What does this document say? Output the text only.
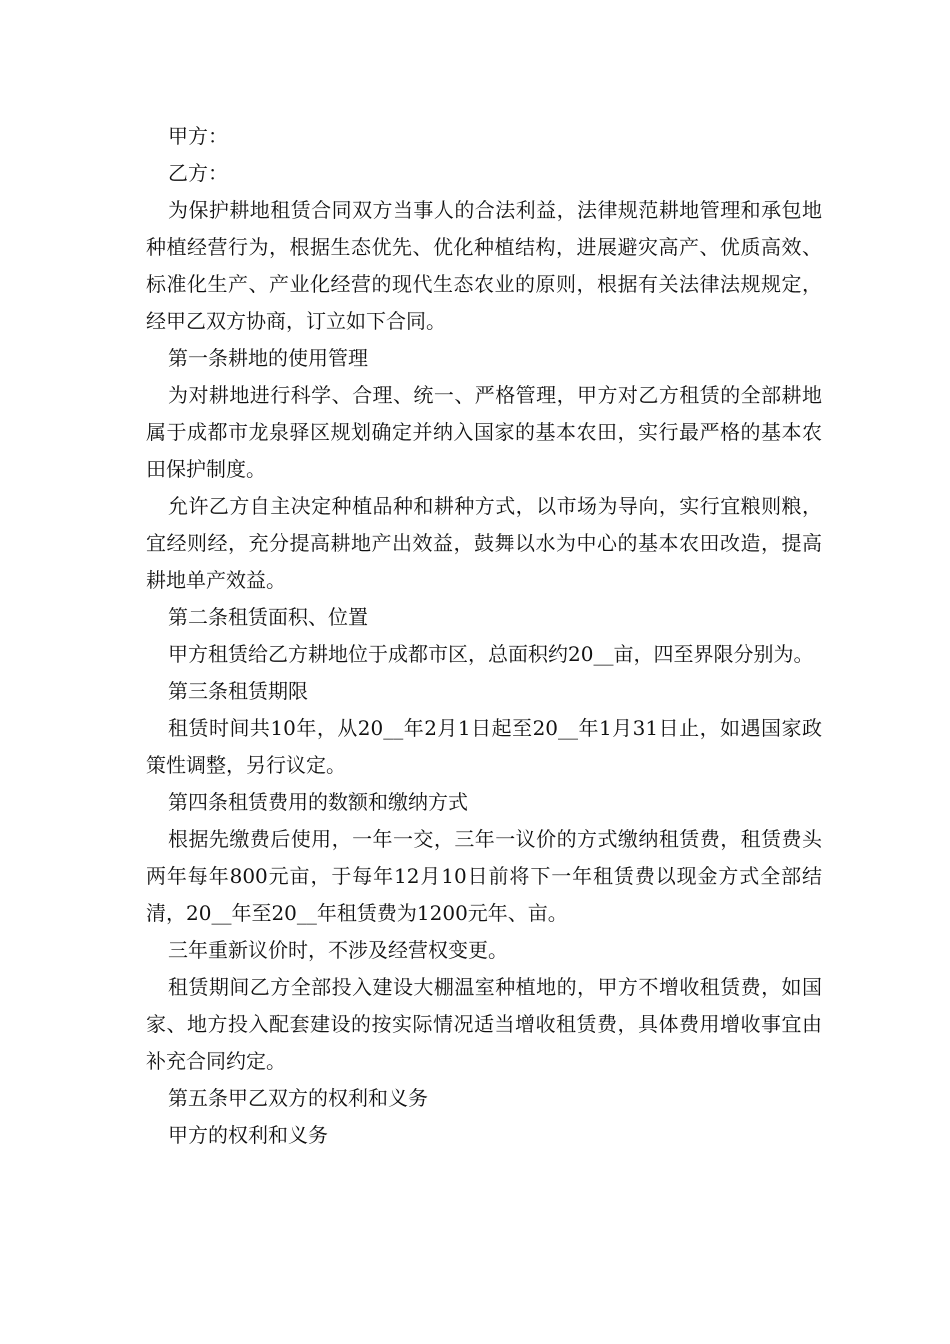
甲方：

乙方：

为保护耕地租赁合同双方当事人的合法利益，法律规范耕地管理和承包地种植经营行为，根据生态优先、优化种植结构，进展避灾高产、优质高效、标准化生产、产业化经营的现代生态农业的原则，根据有关法律法规规定，经甲乙双方协商，订立如下合同。

第一条耕地的使用管理

为对耕地进行科学、合理、统一、严格管理，甲方对乙方租赁的全部耕地属于成都市龙泉驿区规划确定并纳入国家的基本农田，实行最严格的基本农田保护制度。

允许乙方自主决定种植品种和耕种方式，以市场为导向，实行宜粮则粮，宜经则经，充分提高耕地产出效益，鼓舞以水为中心的基本农田改造，提高耕地单产效益。

第二条租赁面积、位置

甲方租赁给乙方耕地位于成都市区，总面积约20__亩，四至界限分别为。

第三条租赁期限

租赁时间共10年，从20__年2月1日起至20__年1月31日止，如遇国家政策性调整，另行议定。

第四条租赁费用的数额和缴纳方式

根据先缴费后使用，一年一交，三年一议价的方式缴纳租赁费，租赁费头两年每年800元亩，于每年12月10日前将下一年租赁费以现金方式全部结清，20__年至20__年租赁费为1200元年、亩。

三年重新议价时，不涉及经营权变更。

租赁期间乙方全部投入建设大棚温室种植地的，甲方不增收租赁费，如国家、地方投入配套建设的按实际情况适当增收租赁费，具体费用增收事宜由补充合同约定。

第五条甲乙双方的权利和义务

甲方的权利和义务
